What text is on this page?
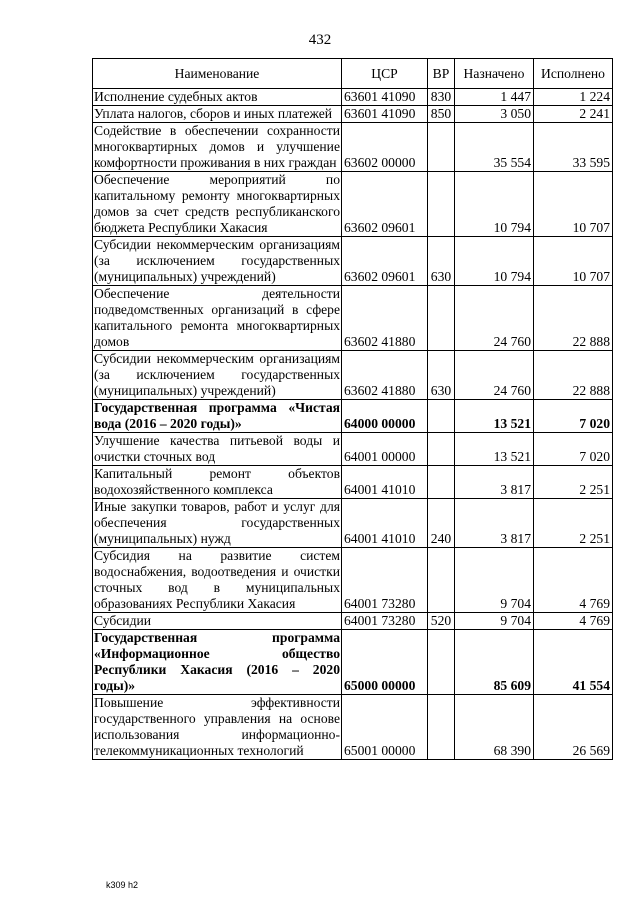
432
Наименование	ЦСР	ВР	Назначено	Исполнено
Исполнение судебных актов	63601 41090	830	1 447	1 224
Уплата налогов, сборов и иных платежей	63601 41090	850	3 050	2 241
Содействие в обеспечении сохранности многоквартирных домов и улучшение комфортности проживания в них граждан	63602 00000		35 554	33 595
Обеспечение мероприятий по капитальному ремонту многоквартирных домов за счет средств республиканского бюджета Республики Хакасия	63602 09601		10 794	10 707
Субсидии некоммерческим организациям (за исключением государственных (муниципальных) учреждений)	63602 09601	630	10 794	10 707
Обеспечение деятельности подведомственных организаций в сфере капитального ремонта многоквартирных домов	63602 41880		24 760	22 888
Субсидии некоммерческим организациям (за исключением государственных (муниципальных) учреждений)	63602 41880	630	24 760	22 888
Государственная программа «Чистая вода (2016 – 2020 годы)»	64000 00000		13 521	7 020
Улучшение качества питьевой воды и очистки сточных вод	64001 00000		13 521	7 020
Капитальный ремонт объектов водохозяйственного комплекса	64001 41010		3 817	2 251
Иные закупки товаров, работ и услуг для обеспечения государственных (муниципальных) нужд	64001 41010	240	3 817	2 251
Субсидия на развитие систем водоснабжения, водоотведения и очистки сточных вод в муниципальных образованиях Республики Хакасия	64001 73280		9 704	4 769
Субсидии	64001 73280	520	9 704	4 769
Государственная программа «Информационное общество Республики Хакасия (2016 – 2020 годы)»	65000 00000		85 609	41 554
Повышение эффективности государственного управления на основе использования информационно-телекоммуникационных технологий	65001 00000		68 390	26 569
k309 h2
